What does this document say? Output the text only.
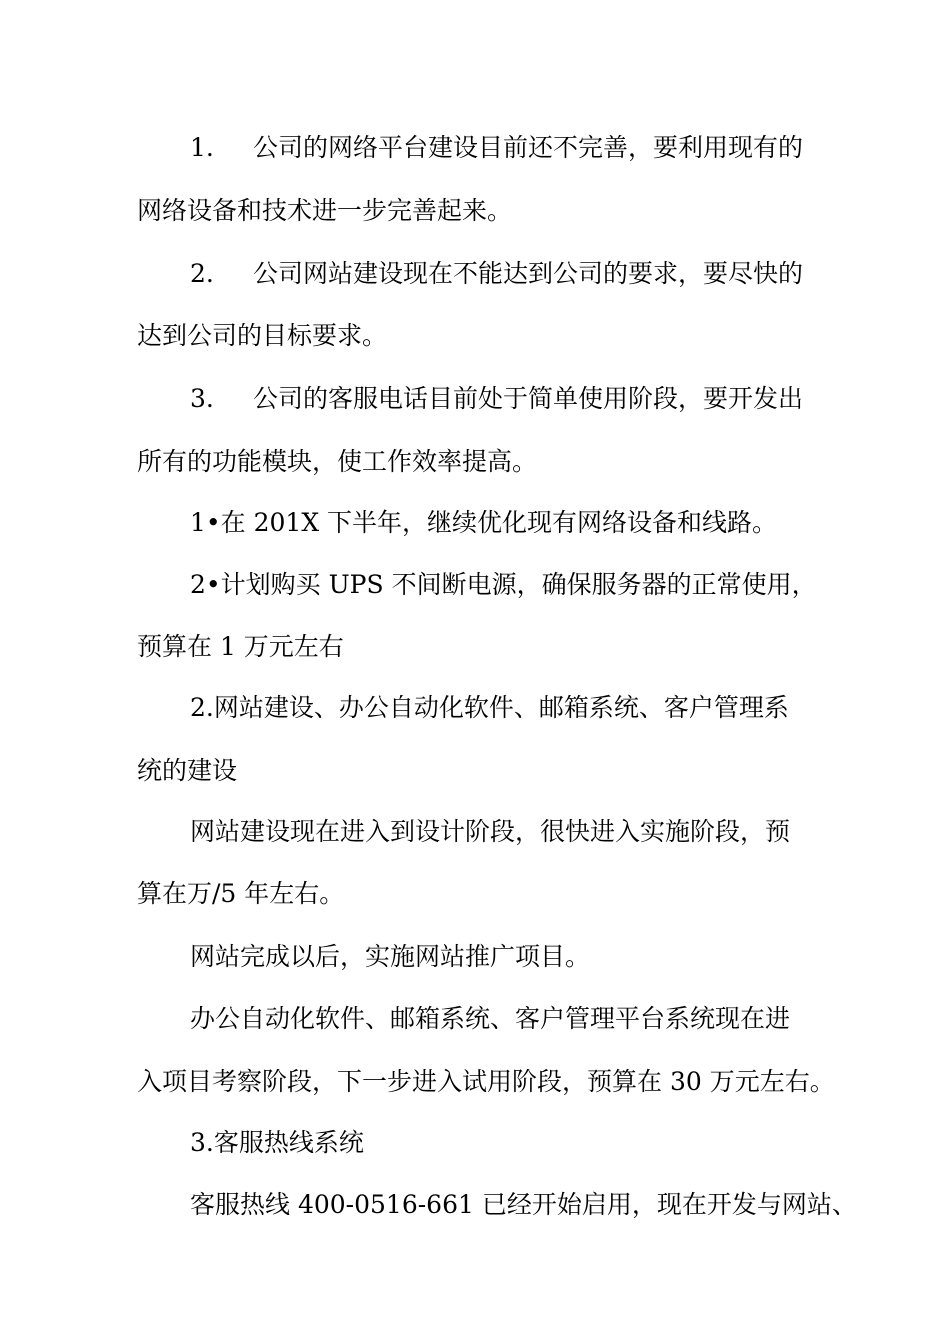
1. 公司的网络平台建设目前还不完善，要利用现有的
网络设备和技术进一步完善起来。
2. 公司网站建设现在不能达到公司的要求，要尽快的
达到公司的目标要求。
3. 公司的客服电话目前处于简单使用阶段，要开发出
所有的功能模块，使工作效率提高。
1•在 201X 下半年，继续优化现有网络设备和线路。
2•计划购买 UPS 不间断电源，确保服务器的正常使用，
预算在 1 万元左右
2.网站建设、办公自动化软件、邮箱系统、客户管理系
统的建设
网站建设现在进入到设计阶段，很快进入实施阶段，预
算在万/5 年左右。
网站完成以后，实施网站推广项目。
办公自动化软件、邮箱系统、客户管理平台系统现在进
入项目考察阶段，下一步进入试用阶段，预算在 30 万元左右。
3.客服热线系统
客服热线 400-0516-661 已经开始启用，现在开发与网站、
